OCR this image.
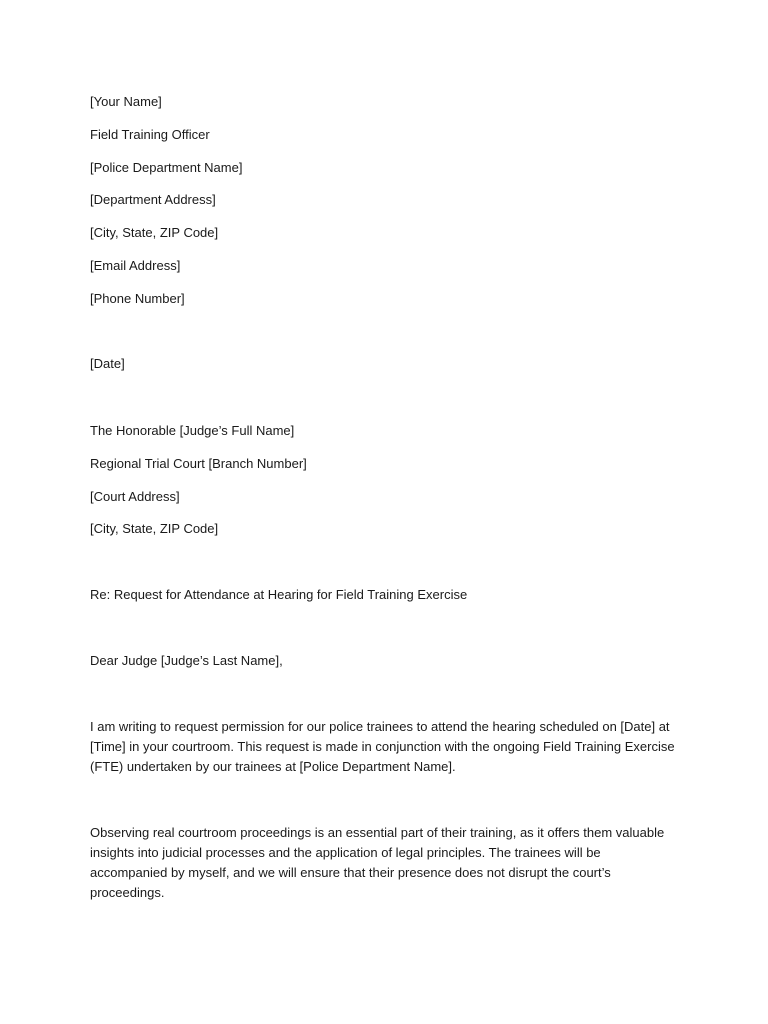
[Your Name]

Field Training Officer

[Police Department Name]

[Department Address]

[City, State, ZIP Code]

[Email Address]

[Phone Number]

[Date]

The Honorable [Judge’s Full Name]

Regional Trial Court [Branch Number]

[Court Address]

[City, State, ZIP Code]

Re: Request for Attendance at Hearing for Field Training Exercise

Dear Judge [Judge’s Last Name],

I am writing to request permission for our police trainees to attend the hearing scheduled on [Date] at [Time] in your courtroom. This request is made in conjunction with the ongoing Field Training Exercise (FTE) undertaken by our trainees at [Police Department Name].

Observing real courtroom proceedings is an essential part of their training, as it offers them valuable insights into judicial processes and the application of legal principles. The trainees will be accompanied by myself, and we will ensure that their presence does not disrupt the court’s proceedings.
